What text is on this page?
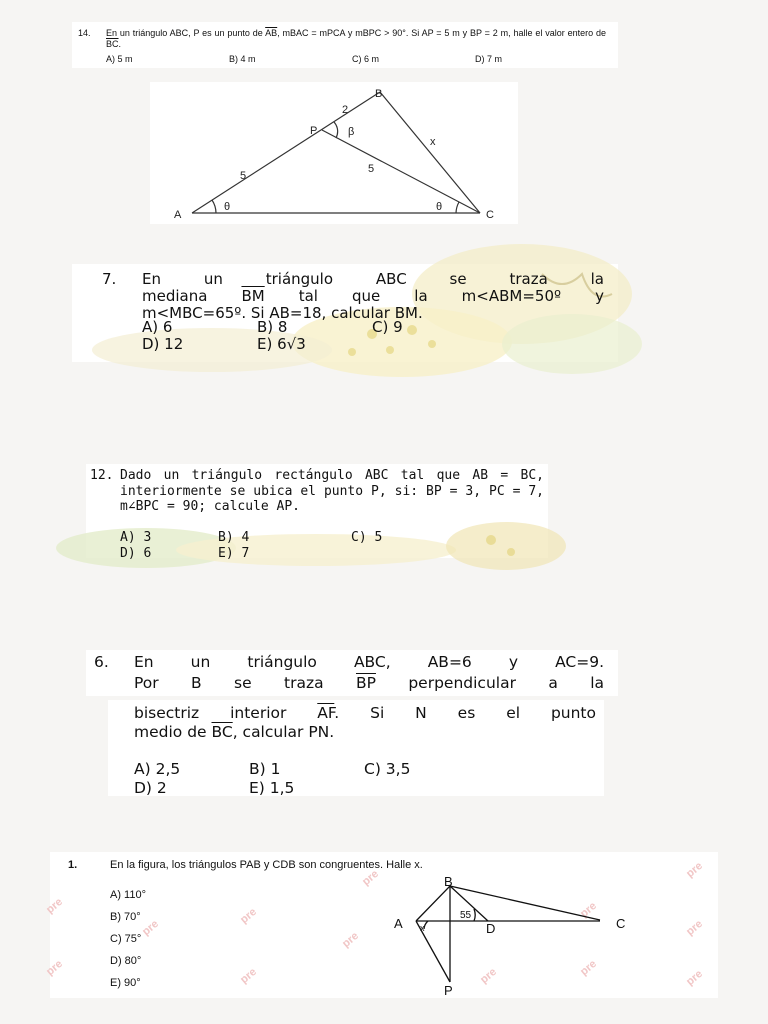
14. En un triángulo ABC, P es un punto de $\overline{AB}$, mBAC = mPCA y mBPC > 90°. Si AP = 5 m y BP = 2 m, halle el valor entero de $\overline{BC}$.
A) 5 m	B) 4 m	C) 6 m	D) 7 m
A
B
C
P
2
5
5
x
θ	θ
β
7. En un triángulo ABC se traza la
mediana $\overline{BM}$ tal que la m<ABM=50º y
m<MBC=65º. Si AB=18, calcular BM.
A) 6	B) 8	C) 9
D) 12	E) 6√3
12. Dado un triángulo rectángulo ABC tal que AB = BC, interiormente se ubica el punto P, si: BP = 3, PC = 7, m∠BPC = 90; calcule AP.
A) 3	B) 4	C) 5
D) 6	E) 7
6. En un triángulo ABC, AB=6 y AC=9.
Por B se traza $\overline{BP}$ perpendicular a la
bisectriz interior $\overline{AF}$. Si N es el punto
medio de $\overline{BC}$, calcular PN.
A) 2,5	B) 1	C) 3,5
D) 2	E) 1,5
pre
pre
pre
pre
pre
pre
pre
pre
pre
pre
pre
pre
pre
1.	En la figura, los triángulos PAB y CDB son congruentes. Halle x.
A) 110°
B) 70°
C) 75°
D) 80°
E) 90°
B
A	C
D
P
x
55
